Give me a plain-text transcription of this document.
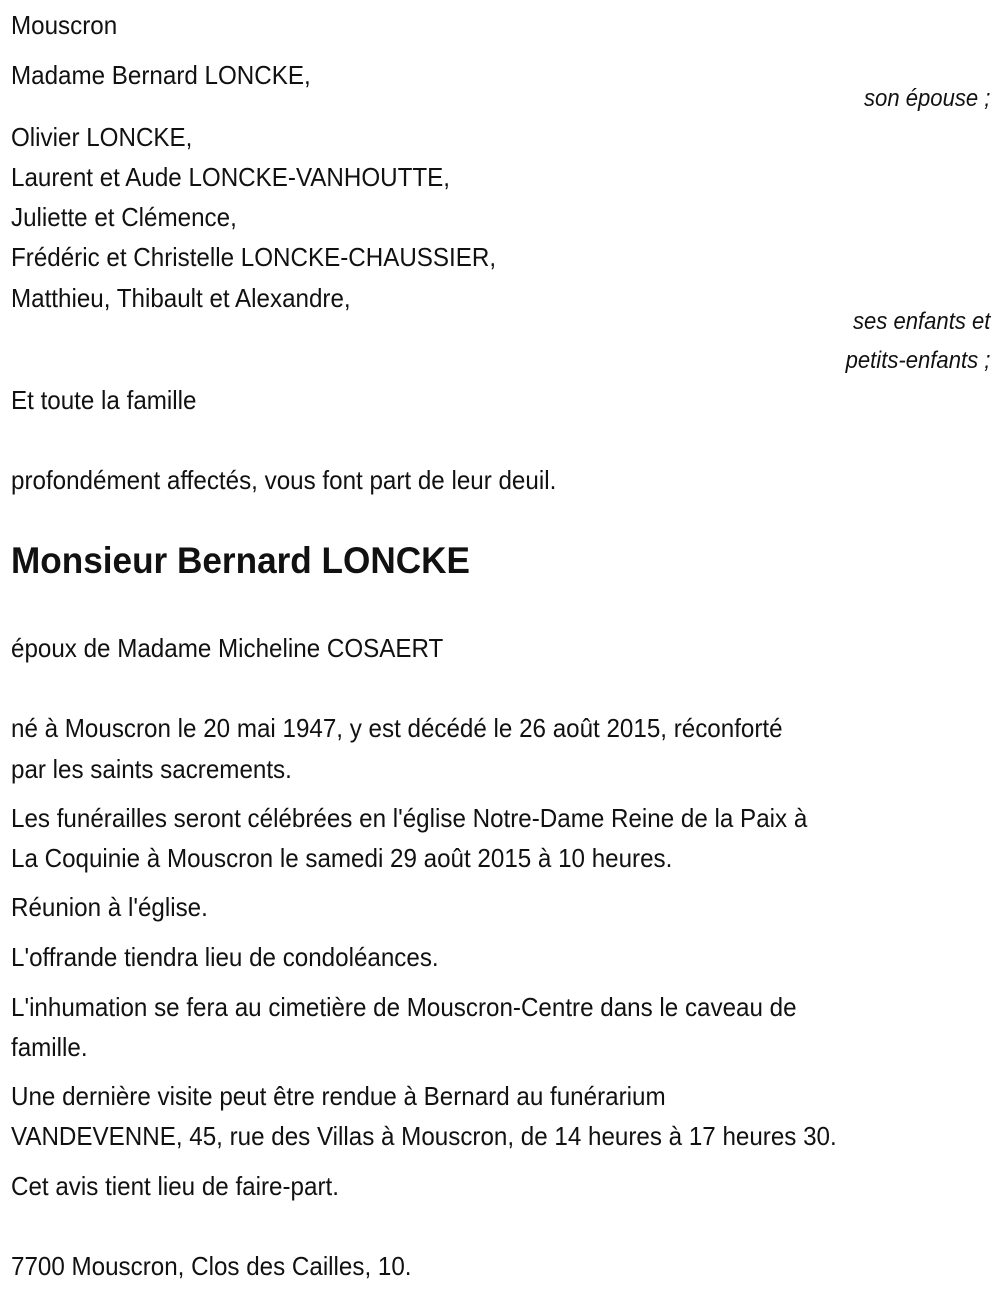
Mouscron
Madame Bernard LONCKE,
son épouse ;
Olivier LONCKE,
Laurent et Aude LONCKE-VANHOUTTE,
Juliette et Clémence,
Frédéric et Christelle LONCKE-CHAUSSIER,
Matthieu, Thibault et Alexandre,
ses enfants et
petits-enfants ;
Et toute la famille
profondément affectés, vous font part de leur deuil.
Monsieur Bernard LONCKE
époux de Madame Micheline COSAERT
né à Mouscron le 20 mai 1947, y est décédé le 26 août 2015, réconforté
par les saints sacrements.
Les funérailles seront célébrées en l'église Notre-Dame Reine de la Paix à
La Coquinie à Mouscron le samedi 29 août 2015 à 10 heures.
Réunion à l'église.
L'offrande tiendra lieu de condoléances.
L'inhumation se fera au cimetière de Mouscron-Centre dans le caveau de
famille.
Une dernière visite peut être rendue à Bernard au funérarium
VANDEVENNE, 45, rue des Villas à Mouscron, de 14 heures à 17 heures 30.
Cet avis tient lieu de faire-part.
7700 Mouscron, Clos des Cailles, 10.
